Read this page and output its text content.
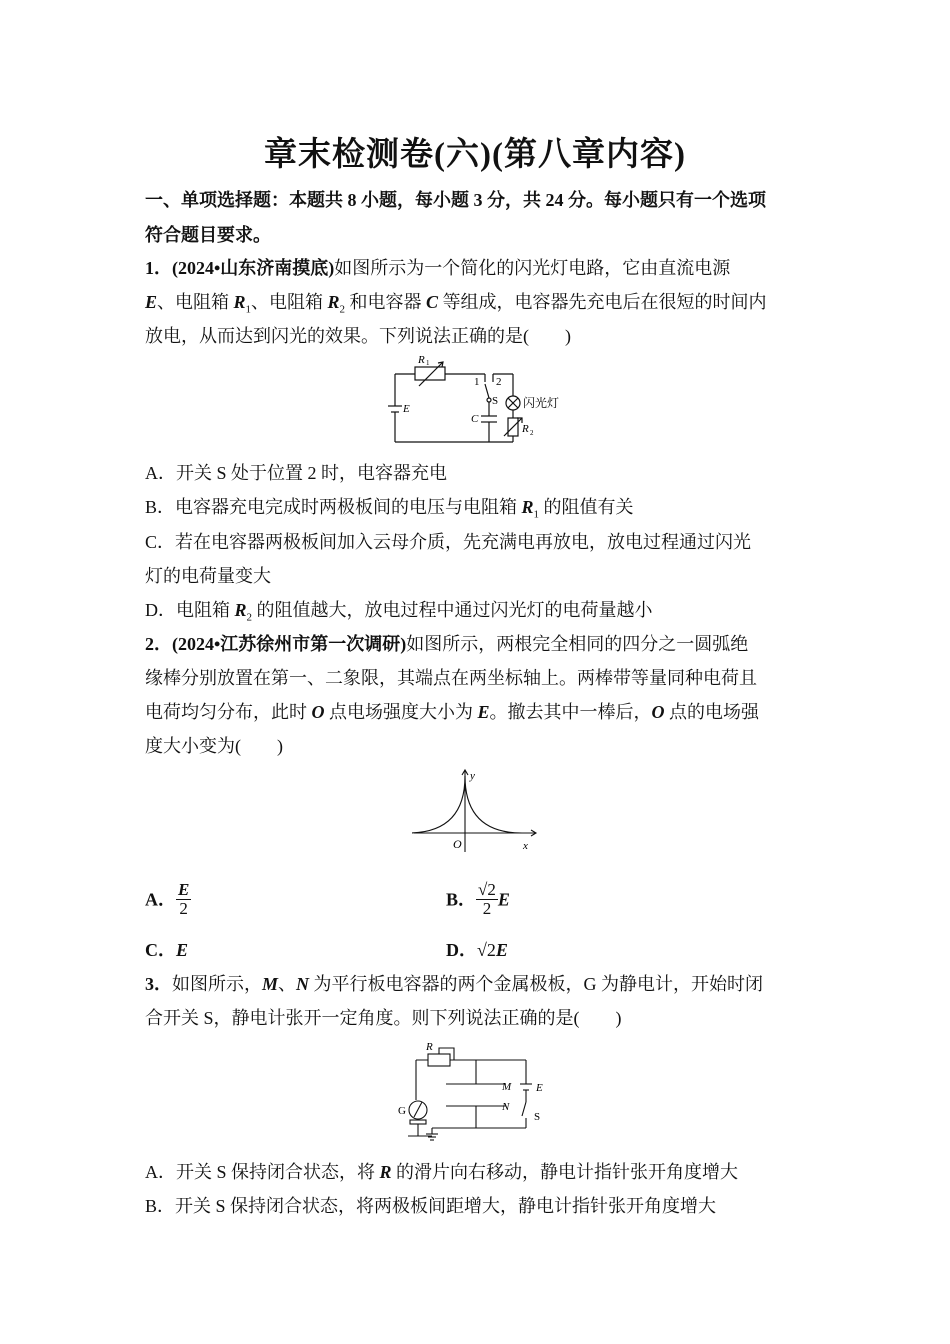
章末检测卷(六)(第八章内容)
一、单项选择题：本题共 8 小题，每小题 3 分，共 24 分。每小题只有一个选项
符合题目要求。
1．(2024•山东济南摸底)如图所示为一个简化的闪光灯电路，它由直流电源
E、电阻箱 $R_1$、电阻箱 $R_2$ 和电容器 C 等组成，电容器先充电后在很短的时间内
放电，从而达到闪光的效果。下列说法正确的是(　　)
R 1
E
C
S
1 2
闪光灯
R 2
A．开关 S 处于位置 2 时，电容器充电
B．电容器充电完成时两极板间的电压与电阻箱 $R_1$ 的阻值有关
C．若在电容器两极板间加入云母介质，先充满电再放电，放电过程通过闪光
灯的电荷量变大
D．电阻箱 $R_2$ 的阻值越大，放电过程中通过闪光灯的电荷量越小
2．(2024•江苏徐州市第一次调研)如图所示，两根完全相同的四分之一圆弧绝
缘棒分别放置在第一、二象限，其端点在两坐标轴上。两棒带等量同种电荷且
电荷均匀分布，此时 O 点电场强度大小为 E。撤去其中一棒后，O 点的电场强
度大小变为(　　)
y
x
O
A． $\frac{E}{2}$	B． $\frac{√2}{2}$ E
C．E	D．√2E
3．如图所示，M、N 为平行板电容器的两个金属极板，G 为静电计，开始时闭
合开关 S，静电计张开一定角度。则下列说法正确的是(　　)
R
M
N
E
S
G
A．开关 S 保持闭合状态，将 R 的滑片向右移动，静电计指针张开角度增大
B．开关 S 保持闭合状态，将两极板间距增大，静电计指针张开角度增大
